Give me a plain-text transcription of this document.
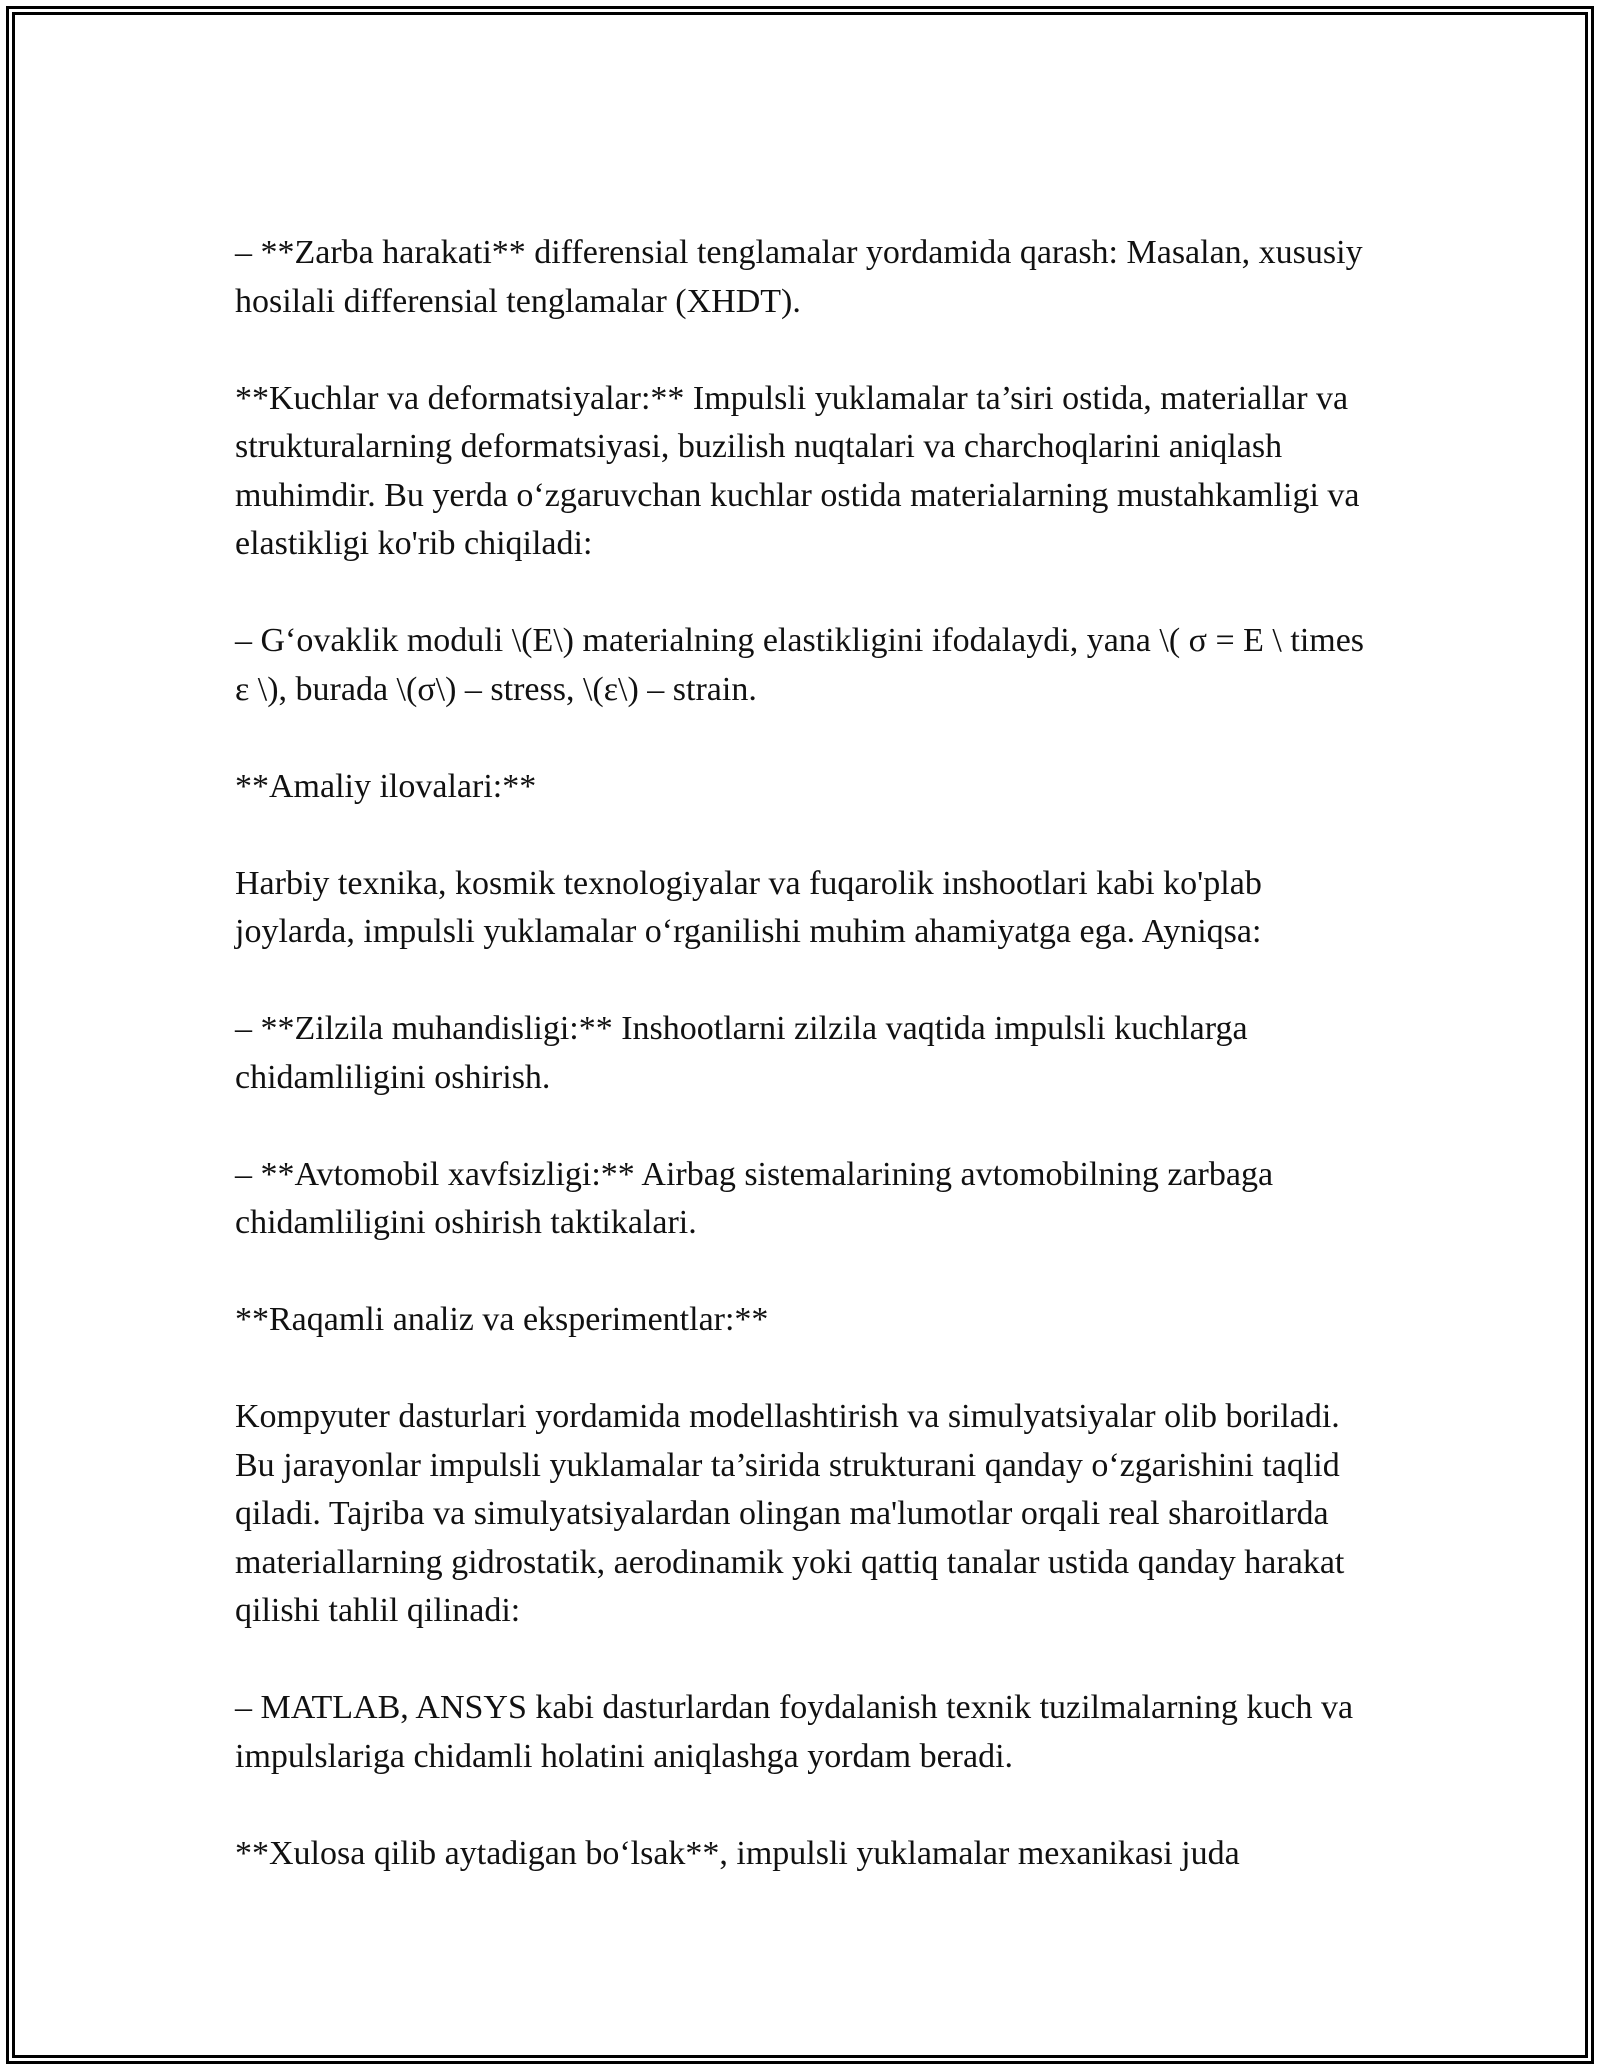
– **Zarba harakati** differensial tenglamalar yordamida qarash: Masalan, xususiy hosilali differensial tenglamalar (XHDT).

**Kuchlar va deformatsiyalar:** Impulsli yuklamalar ta’siri ostida, materiallar va strukturalarning deformatsiyasi, buzilish nuqtalari va charchoqlarini aniqlash muhimdir. Bu yerda o‘zgaruvchan kuchlar ostida materialarning mustahkamligi va elastikligi ko'rib chiqiladi:

– G‘ovaklik moduli \(E\) materialning elastikligini ifodalaydi, yana \( σ = E \ times ε \), burada \(σ\) – stress, \(ε\) – strain.

**Amaliy ilovalari:**

Harbiy texnika, kosmik texnologiyalar va fuqarolik inshootlari kabi ko'plab joylarda, impulsli yuklamalar o‘rganilishi muhim ahamiyatga ega. Ayniqsa:

– **Zilzila muhandisligi:** Inshootlarni zilzila vaqtida impulsli kuchlarga chidamliligini oshirish.

– **Avtomobil xavfsizligi:** Airbag sistemalarining avtomobilning zarbaga chidamliligini oshirish taktikalari.

**Raqamli analiz va eksperimentlar:**

Kompyuter dasturlari yordamida modellashtirish va simulyatsiyalar olib boriladi. Bu jarayonlar impulsli yuklamalar ta’sirida strukturani qanday o‘zgarishini taqlid qiladi. Tajriba va simulyatsiyalardan olingan ma'lumotlar orqali real sharoitlarda materiallarning gidrostatik, aerodinamik yoki qattiq tanalar ustida qanday harakat qilishi tahlil qilinadi:

– MATLAB, ANSYS kabi dasturlardan foydalanish texnik tuzilmalarning kuch va impulslariga chidamli holatini aniqlashga yordam beradi.

**Xulosa qilib aytadigan bo‘lsak**, impulsli yuklamalar mexanikasi juda
